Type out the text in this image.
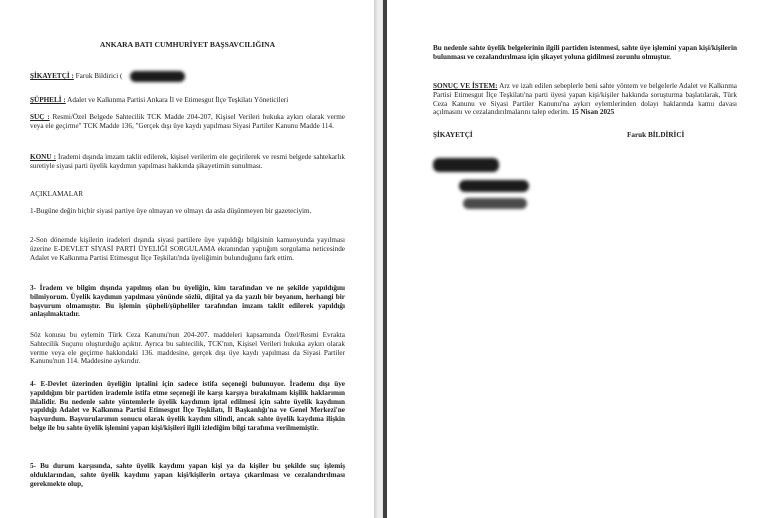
ANKARA BATI CUMHURİYET BAŞSAVCILIĞINA
ŞİKAYETÇİ : Faruk Bildirici (
ŞÜPHELİ : Adalet ve Kalkınma Partisi Ankara İl ve Etimesgut İlçe Teşkilatı Yöneticileri
SUÇ : Resmi/Özel Belgede Sahtecilik TCK Madde 204-207, Kişisel Verileri hukuka aykırı olarak verme veya ele geçirme" TCK Madde 136, "Gerçek dışı üye kaydı yapılması Siyasi Partiler Kanunu Madde 114.
KONU : İrademi dışında imzam taklit edilerek, kişisel verilerim ele geçirilerek ve resmi belgede sahtekarlık suretiyle siyasi parti üyelik kaydımın yapılması hakkında şikayetimin sunulması.
AÇIKLAMALAR
1-Bugüne değin hiçbir siyasi partiye üye olmayan ve olmayı da asla düşünmeyen bir gazeteciyim.
2-Son dönemde kişilerin iradeleri dışında siyasi partilere üye yapıldığı bilgisinin kamuoyunda yayılması üzerine E-DEVLET SİYASİ PARTİ ÜYELİĞİ SORGULAMA ekranından yaptığım sorgulama neticesinde Adalet ve Kalkınma Partisi Etimesgut İlçe Teşkilatı'nda üyeliğimin bulunduğunu fark ettim.
3- İradem ve bilgim dışında yapılmış olan bu üyeliğin, kim tarafından ve ne şekilde yapıldığını bilmiyorum. Üyelik kaydımın yapılması yönünde sözlü, dijital ya da yazılı bir beyanım, herhangi bir başvurum olmamıştır. Bu işlemin şüpheli/şüpheliler tarafından imzam taklit edilerek yapıldığı anlaşılmaktadır.
Söz konusu bu eylemin Türk Ceza Kanunu'nun 204-207. maddeleri kapsamında Özel/Resmi Evrakta Sahtecilik Suçunu oluşturduğu açıktır. Ayrıca bu sahtecilik, TCK'nın, Kişisel Verileri hukuka aykırı olarak verme veya ele geçirme hakkındaki 136. maddesine, gerçek dışı üye kaydı yapılması da Siyasi Partiler Kanunu'nun 114. Maddesine aykırıdır.
4- E-Devlet üzerinden üyeliğin iptalini için sadece istifa seçeneği bulunuyor. İrademı dışı üye yapıldığım bir partiden irademle istifa etme seçeneği ile karşı karşıya bırakılmam kişilik haklarımın ihlalidir. Bu nedenle sahte yöntemlerle üyelik kaydımın iptal edilmesi için sahte üyelik kaydımın yapıldığı Adalet ve Kalkınma Partisi Etimesgut İlçe Teşkilatı, İl Başkanlığı'na ve Genel Merkezi'ne başvurdum. Başvurularımın sonucu olarak üyelik kaydım silindi, ancak sahte üyelik kaydıma ilişkin belge ile bu sahte üyelik işlemini yapan kişi/kişileri ilgili izlediğim bilgi tarafıma verilmemiştir.
5- Bu durum karşısında, sahte üyelik kaydımı yapan kişi ya da kişiler bu şekilde suç işlemiş olduklarından, sahte üyelik kaydımı yapan kişi/kişilerin ortaya çıkarılması ve cezalandırılması gerekmekte olup,
Bu nedenle sahte üyelik belgelerinin ilgili partiden istenmesi, sahte üye işlemini yapan kişi/kişilerin bulunması ve cezalandırılması için şikayet yoluna gidilmesi zorunlu olmuştur.
SONUÇ VE İSTEM: Arz ve izah edilen sebeplerle beni sahte yöntem ve belgelerle Adalet ve Kalkınma Partisi Etimesgut İlçe Teşkilatı'na parti üyesi yapan kişi/kişiler hakkında soruşturma başlatılarak, Türk Ceza Kanunu ve Siyasi Partiler Kanunu'na aykırı eylemlerinden dolayı haklarında kamu davası açılmasını ve cezalandırılmalarını talep ederim. 15 Nisan 2025
ŞİKAYETÇİ	Faruk BİLDİRİCİ
